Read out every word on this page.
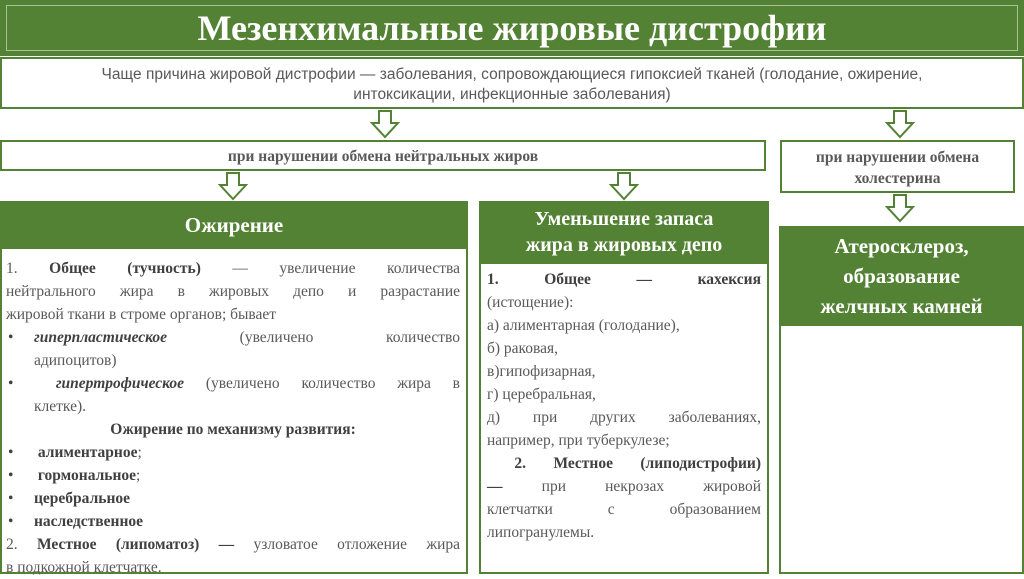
Мезенхимальные жировые дистрофии
Чаще причина жировой дистрофии — заболевания, сопровождающиеся гипоксией тканей (голодание, ожирение,
интоксикации, инфекционные заболевания)
при нарушении обмена нейтральных жиров	при нарушении обмена
холестерина
Ожирение

1. Общее (тучность) — увеличение количества

нейтрального жира в жировых депо и разрастание

жировой ткани в строме органов; бывает

• гиперпластическое	(увеличено количество

адипоцитов)

• гипертрофическое (увеличено количество жира в

клетке).

Ожирение по механизму развития:

• алиментарное;
• гормональное;
• церебральное
• наследственное

2. Местное (липоматоз) — узловатое отложение жира

в подкожной клетчатке.

Уменьшение запаса
жира в жировых депо

1.	Общее	—	кахексия

(истощение):

а) алиментарная (голодание),

б) раковая,

в)гипофизарная,

г) церебральная,

д) при других заболеваниях,

например, при туберкулезе;

2. Местное (липодистрофии)

— при некрозах жировой

клетчатки с образованием

липогранулемы.

Атеросклероз,
образование
желчных камней
